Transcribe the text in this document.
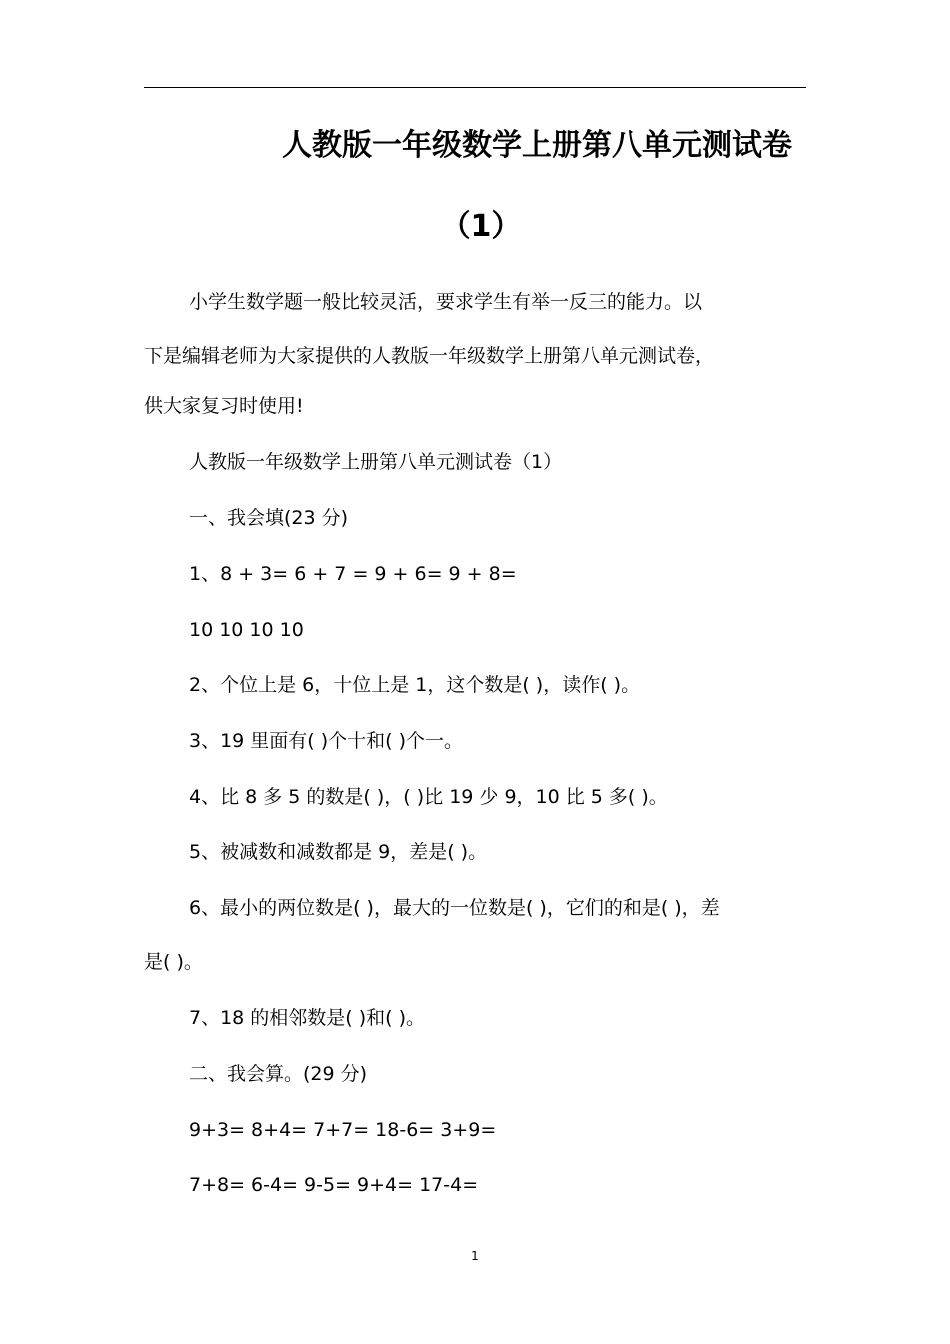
人教版一年级数学上册第八单元测试卷
（1）
小学生数学题一般比较灵活，要求学生有举一反三的能力。以
下是编辑老师为大家提供的人教版一年级数学上册第八单元测试卷，
供大家复习时使用!
人教版一年级数学上册第八单元测试卷（1）
一、我会填(23 分)
1、8 + 3= 6 + 7 = 9 + 6= 9 + 8=
10 10 10 10
2、个位上是 6，十位上是 1，这个数是( )，读作( )。
3、19 里面有( )个十和( )个一。
4、比 8 多 5 的数是( )，( )比 19 少 9，10 比 5 多( )。
5、被减数和减数都是 9，差是( )。
6、最小的两位数是( )，最大的一位数是( )，它们的和是( )，差
是( )。
7、18 的相邻数是( )和( )。
二、我会算。(29 分)
9+3= 8+4= 7+7= 18-6= 3+9=
7+8= 6-4= 9-5= 9+4= 17-4=
1
